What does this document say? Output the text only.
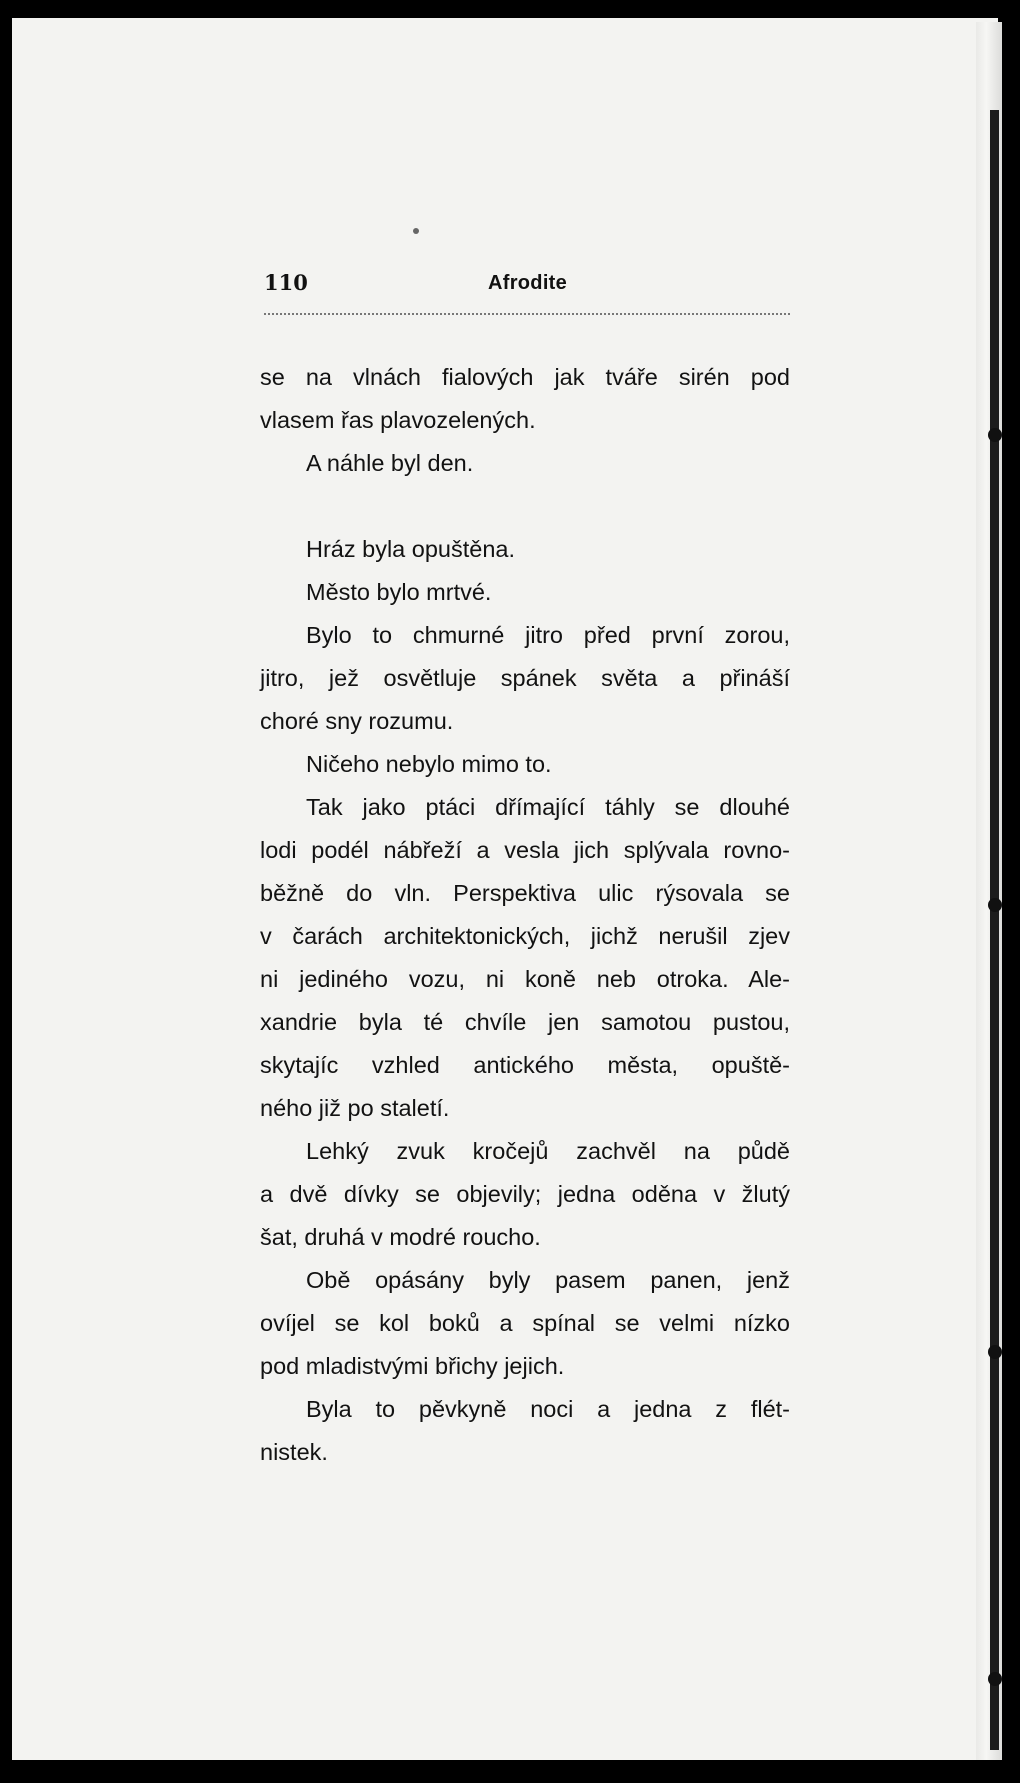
110	Afrodite
se na vlnách fialových jak tváře sirén pod
vlasem řas plavozelených.
A náhle byl den.
Hráz byla opuštěna.
Město bylo mrtvé.
Bylo to chmurné jitro před první zorou,
jitro, jež osvětluje spánek světa a přináší
choré sny rozumu.
Ničeho nebylo mimo to.
Tak jako ptáci dřímající táhly se dlouhé
lodi podél nábřeží a vesla jich splývala rovno-
běžně do vln. Perspektiva ulic rýsovala se
v čarách architektonických, jichž nerušil zjev
ni jediného vozu, ni koně neb otroka. Ale-
xandrie byla té chvíle jen samotou pustou,
skytajíc vzhled antického města, opuště-
ného již po staletí.
Lehký zvuk kročejů zachvěl na půdě
a dvě dívky se objevily; jedna oděna v žlutý
šat, druhá v modré roucho.
Obě opásány byly pasem panen, jenž
ovíjel se kol boků a spínal se velmi nízko
pod mladistvými břichy jejich.
Byla to pěvkyně noci a jedna z flét-
nistek.
